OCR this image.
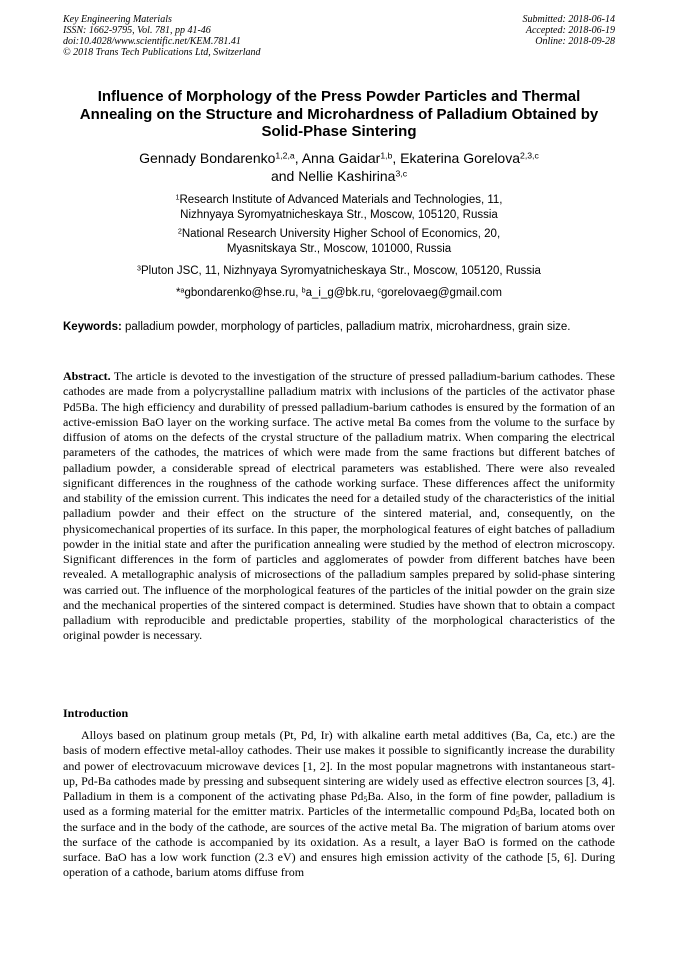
Key Engineering Materials
ISSN: 1662-9795, Vol. 781, pp 41-46
doi:10.4028/www.scientific.net/KEM.781.41
© 2018 Trans Tech Publications Ltd, Switzerland
Submitted: 2018-06-14
Accepted: 2018-06-19
Online: 2018-09-28
Influence of Morphology of the Press Powder Particles and Thermal Annealing on the Structure and Microhardness of Palladium Obtained by Solid-Phase Sintering
Gennady Bondarenko$^{1,2,a}$, Anna Gaidar$^{1,b}$, Ekaterina Gorelova$^{2,3,c}$
and Nellie Kashirina$^{3,c}$
$^1$Research Institute of Advanced Materials and Technologies, 11,
Nizhnyaya Syromyatnicheskaya Str., Moscow, 105120, Russia
$^2$National Research University Higher School of Economics, 20,
Myasnitskaya Str., Moscow, 101000, Russia
$^3$Pluton JSC, 11, Nizhnyaya Syromyatnicheskaya Str., Moscow, 105120, Russia
*$^a$gbondarenko@hse.ru, $^b$a_i_g@bk.ru, $^c$gorelovaeg@gmail.com
Keywords: palladium powder, morphology of particles, palladium matrix, microhardness, grain size.
Abstract. The article is devoted to the investigation of the structure of pressed palladium-barium cathodes. These cathodes are made from a polycrystalline palladium matrix with inclusions of the particles of the activator phase Pd5Ba. The high efficiency and durability of pressed palladium-barium cathodes is ensured by the formation of an active-emission BaO layer on the working surface. The active metal Ba comes from the volume to the surface by diffusion of atoms on the defects of the crystal structure of the palladium matrix. When comparing the electrical parameters of the cathodes, the matrices of which were made from the same fractions but different batches of palladium powder, a considerable spread of electrical parameters was established. There were also revealed significant differences in the roughness of the cathode working surface. These differences affect the uniformity and stability of the emission current. This indicates the need for a detailed study of the characteristics of the initial palladium powder and their effect on the structure of the sintered material, and, consequently, on the physicomechanical properties of its surface. In this paper, the morphological features of eight batches of palladium powder in the initial state and after the purification annealing were studied by the method of electron microscopy. Significant differences in the form of particles and agglomerates of powder from different batches have been revealed. A metallographic analysis of microsections of the palladium samples prepared by solid-phase sintering was carried out. The influence of the morphological features of the particles of the initial powder on the grain size and the mechanical properties of the sintered compact is determined. Studies have shown that to obtain a compact palladium with reproducible and predictable properties, stability of the morphological characteristics of the original powder is necessary.
Introduction
Alloys based on platinum group metals (Pt, Pd, Ir) with alkaline earth metal additives (Ba, Ca, etc.) are the basis of modern effective metal-alloy cathodes. Their use makes it possible to significantly increase the durability and power of electrovacuum microwave devices [1, 2]. In the most popular magnetrons with instantaneous start-up, Pd-Ba cathodes made by pressing and subsequent sintering are widely used as effective electron sources [3, 4]. Palladium in them is a component of the activating phase $Pd_5Ba$. Also, in the form of fine powder, palladium is used as a forming material for the emitter matrix. Particles of the intermetallic compound $Pd_5Ba$, located both on the surface and in the body of the cathode, are sources of the active metal Ba. The migration of barium atoms over the surface of the cathode is accompanied by its oxidation. As a result, a layer BaO is formed on the cathode surface. BaO has a low work function (2.3 eV) and ensures high emission activity of the cathode [5, 6]. During operation of a cathode, barium atoms diffuse from
